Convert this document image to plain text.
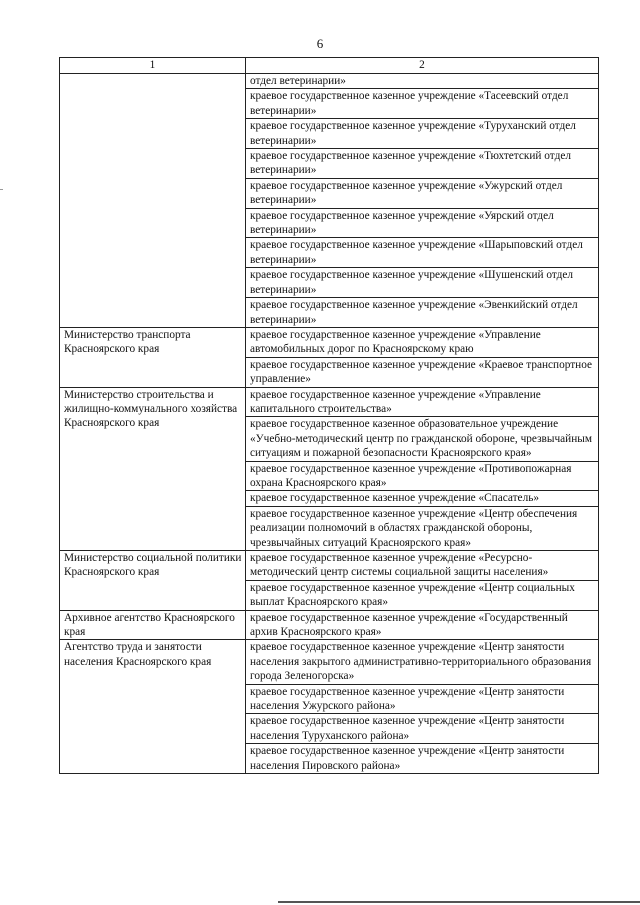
6
1	2
	отдел ветеринарии»
	краевое государственное казенное учреждение «Тасеевский отдел ветеринарии»
	краевое государственное казенное учреждение «Туруханский отдел ветеринарии»
	краевое государственное казенное учреждение «Тюхтетский отдел ветеринарии»
	краевое государственное казенное учреждение «Ужурский отдел ветеринарии»
	краевое государственное казенное учреждение «Уярский отдел ветеринарии»
	краевое государственное казенное учреждение «Шарыповский отдел ветеринарии»
	краевое государственное казенное учреждение «Шушенский отдел ветеринарии»
	краевое государственное казенное учреждение «Эвенкийский отдел ветеринарии»
Министерство транспорта Красноярского края	краевое государственное казенное учреждение «Управление автомобильных дорог по Красноярскому краю
	краевое государственное казенное учреждение «Краевое транспортное управление»
Министерство строительства и жилищно-коммунального хозяйства Красноярского края	краевое государственное казенное учреждение «Управление капитального строительства»
	краевое государственное казенное образовательное учреждение «Учебно-методический центр по гражданской обороне, чрезвычайным ситуациям и пожарной безопасности Красноярского края»
	краевое государственное казенное учреждение «Противопожарная охрана Красноярского края»
	краевое государственное казенное учреждение «Спасатель»
	краевое государственное казенное учреждение «Центр обеспечения реализации полномочий в областях гражданской обороны, чрезвычайных ситуаций Красноярского края»
Министерство социальной политики Красноярского края	краевое государственное казенное учреждение «Ресурсно-методический центр системы социальной защиты населения»
	краевое государственное казенное учреждение «Центр социальных выплат Красноярского края»
Архивное агентство Красноярского края	краевое государственное казенное учреждение «Государственный архив Красноярского края»
Агентство труда и занятости населения Красноярского края	краевое государственное казенное учреждение «Центр занятости населения закрытого административно-территориального образования города Зеленогорска»
	краевое государственное казенное учреждение «Центр занятости населения Ужурского района»
	краевое государственное казенное учреждение «Центр занятости населения Туруханского района»
	краевое государственное казенное учреждение «Центр занятости населения Пировского района»
